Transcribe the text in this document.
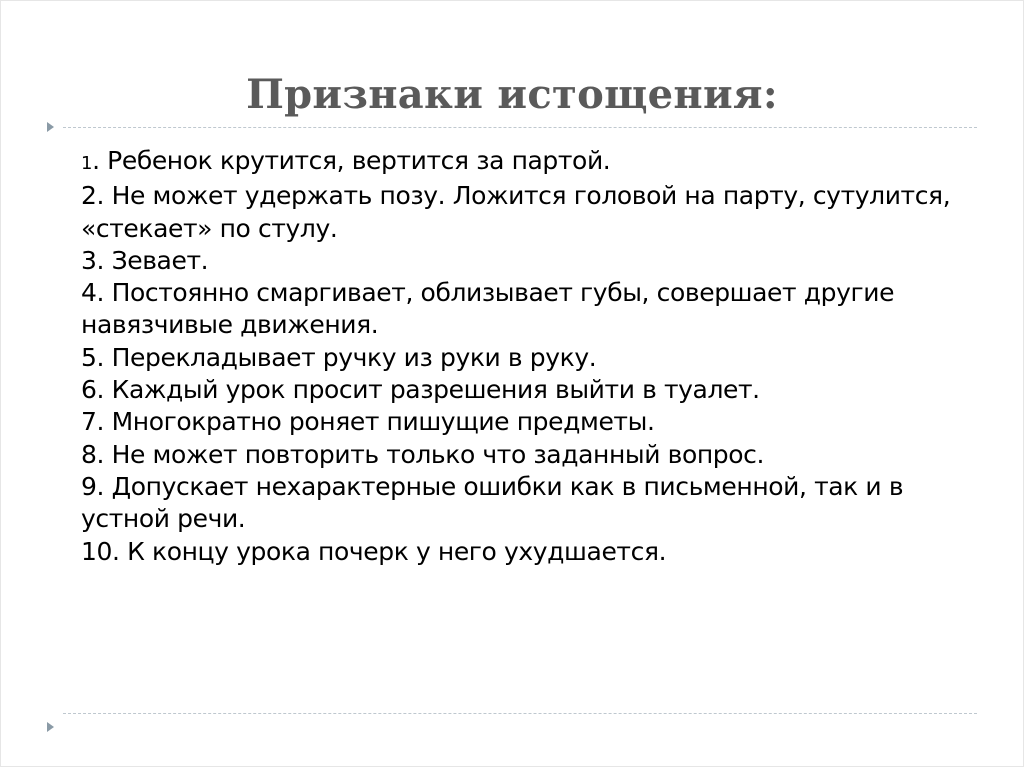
Признаки истощения:

1. Ребенок крутится, вертится за партой.

2. Не может удержать позу. Ложится головой на парту, сутулится, «стекает» по стулу.

3. Зевает.

4. Постоянно смаргивает, облизывает губы, совершает другие навязчивые движения.

5. Перекладывает ручку из руки в руку.

6. Каждый урок просит разрешения выйти в туалет.

7. Многократно роняет пишущие предметы.

8. Не может повторить только что заданный вопрос.

9. Допускает нехарактерные ошибки как в письменной, так и в устной речи.

10. К концу урока почерк у него ухудшается.
